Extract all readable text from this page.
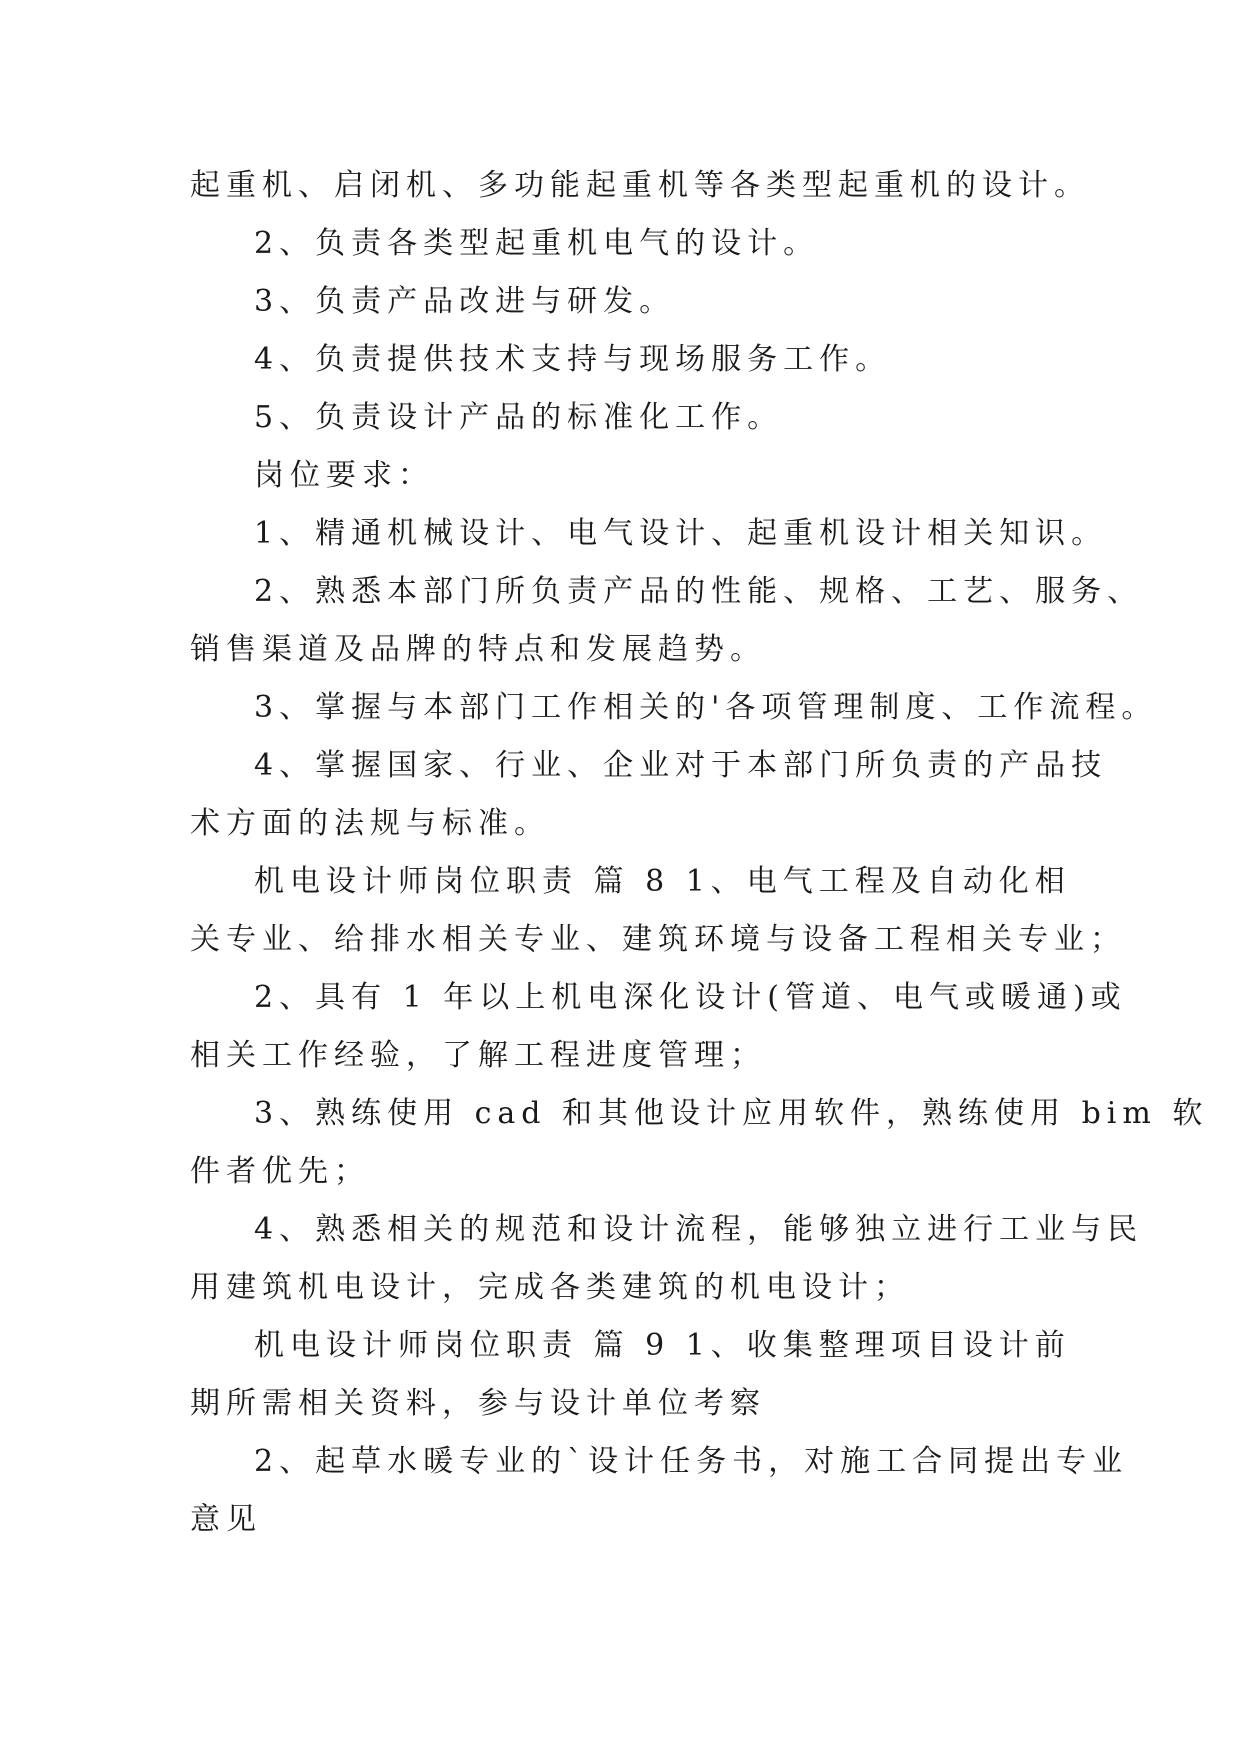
起重机、启闭机、多功能起重机等各类型起重机的设计。

2、负责各类型起重机电气的设计。

3、负责产品改进与研发。

4、负责提供技术支持与现场服务工作。

5、负责设计产品的标准化工作。

岗位要求：

1、精通机械设计、电气设计、起重机设计相关知识。

2、熟悉本部门所负责产品的性能、规格、工艺、服务、

销售渠道及品牌的特点和发展趋势。

3、掌握与本部门工作相关的'各项管理制度、工作流程。

4、掌握国家、行业、企业对于本部门所负责的产品技

术方面的法规与标准。

机电设计师岗位职责 篇 8 1、电气工程及自动化相

关专业、给排水相关专业、建筑环境与设备工程相关专业；

2、具有 1 年以上机电深化设计(管道、电气或暖通)或

相关工作经验，了解工程进度管理；

3、熟练使用 cad 和其他设计应用软件，熟练使用 bim 软

件者优先；

4、熟悉相关的规范和设计流程，能够独立进行工业与民

用建筑机电设计，完成各类建筑的机电设计；

机电设计师岗位职责 篇 9 1、收集整理项目设计前

期所需相关资料，参与设计单位考察

2、起草水暖专业的`设计任务书，对施工合同提出专业

意见
